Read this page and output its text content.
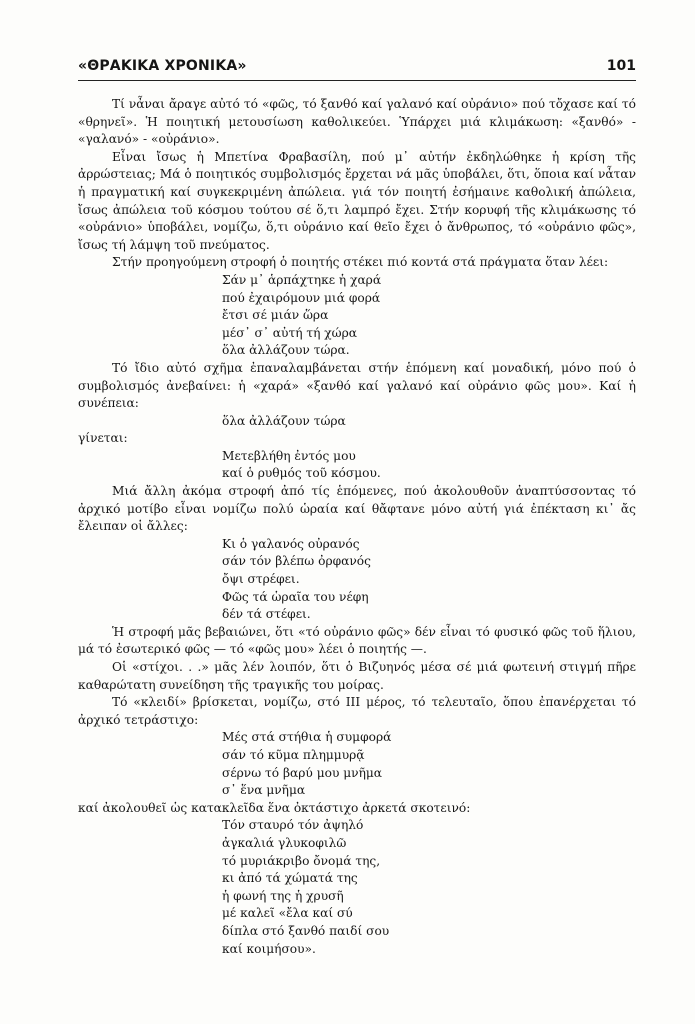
«ΘΡΑΚΙΚΑ ΧΡΟΝΙΚΑ»	101

Τί νἆναι ἄραγε αὐτό τό «φῶς, τό ξανθό καί γαλανό καί οὐράνιο» πού τὄχασε καί τό «θρηνεῖ». Ἡ ποιητική μετουσίωση καθολικεύει. Ὑπάρχει μιά κλιμάκωση: «ξανθό» - «γαλανό» - «οὐράνιο».

Εἶναι ἴσως ἡ Μπετίνα Φραβασίλη, πού μ᾿ αὐτήν ἐκδηλώθηκε ἡ κρίση τῆς ἀρρώστειας; Μά ὁ ποιητικός συμβολισμός ἔρχεται νά μᾶς ὑποβάλει, ὅτι, ὅποια καί νἆταν ἡ πραγματική καί συγκεκριμένη ἀπώλεια. γιά τόν ποιητή ἐσήμαινε καθολική ἀπώλεια, ἴσως ἀπώλεια τοῦ κόσμου τούτου σέ ὅ,τι λαμπρό ἔχει. Στήν κορυφή τῆς κλιμάκωσης τό «οὐράνιο» ὑποβάλει, νομίζω, ὅ,τι οὐράνιο καί θεῖο ἔχει ὁ ἄνθρωπος, τό «οὐράνιο φῶς», ἴσως τή λάμψη τοῦ πνεύματος.

Στήν προηγούμενη στροφή ὁ ποιητής στέκει πιό κοντά στά πράγματα ὅταν λέει:

Σάν μ᾿ ἁρπάχτηκε ἡ χαρά
πού ἐχαιρόμουν μιά φορά
ἔτσι σέ μιάν ὥρα
μέσ᾿ σ᾿ αὐτή τή χώρα
ὅλα ἀλλάζουν τώρα.

Τό ἴδιο αὐτό σχῆμα ἐπαναλαμβάνεται στήν ἑπόμενη καί μοναδική, μόνο πού ὁ συμβολισμός ἀνεβαίνει: ἡ «χαρά» «ξανθό καί γαλανό καί οὐράνιο φῶς μου». Καί ἡ συνέπεια:

ὅλα ἀλλάζουν τώρα

γίνεται:

Μετεβλήθη ἐντός μου
καί ὁ ρυθμός τοῦ κόσμου.

Μιά ἄλλη ἀκόμα στροφή ἀπό τίς ἑπόμενες, πού ἀκολουθοῦν ἀναπτύσσοντας τό ἀρχικό μοτίβο εἶναι νομίζω πολύ ὡραία καί θἄφτανε μόνο αὐτή γιά ἐπέκταση κι᾿ ἄς ἔλειπαν οἱ ἄλλες:

Κι ὁ γαλανός οὐρανός
σάν τόν βλέπω ὀρφανός
ὄψι στρέφει.
Φῶς τά ὡραῖα του νέφη
δέν τά στέφει.

Ἡ στροφή μᾶς βεβαιώνει, ὅτι «τό οὐράνιο φῶς» δέν εἶναι τό φυσικό φῶς τοῦ ἥλιου, μά τό ἐσωτερικό φῶς — τό «φῶς μου» λέει ὁ ποιητής —.

Οἱ «στίχοι. . .» μᾶς λέν λοιπόν, ὅτι ὁ Βιζυηνός μέσα σέ μιά φωτεινή στιγμή πῆρε καθαρώτατη συνείδηση τῆς τραγικῆς του μοίρας.

Τό «κλειδί» βρίσκεται, νομίζω, στό ΙΙΙ μέρος, τό τελευταῖο, ὅπου ἐπανέρχεται τό ἀρχικό τετράστιχο:

Μές στά στήθια ἡ συμφορά
σάν τό κῦμα πλημμυρᾷ
σέρνω τό βαρύ μου μνῆμα
σ᾿ ἕνα μνῆμα

καί ἀκολουθεῖ ὡς κατακλεῖδα ἕνα ὀκτάστιχο ἀρκετά σκοτεινό:

Τόν σταυρό τόν ἀψηλό
ἀγκαλιά γλυκοφιλῶ
τό μυριάκριβο ὄνομά της,
κι ἀπό τά χώματά της
ἡ φωνή της ἡ χρυσῆ
μέ καλεῖ «ἔλα καί σύ
δίπλα στό ξανθό παιδί σου
καί κοιμήσου».
